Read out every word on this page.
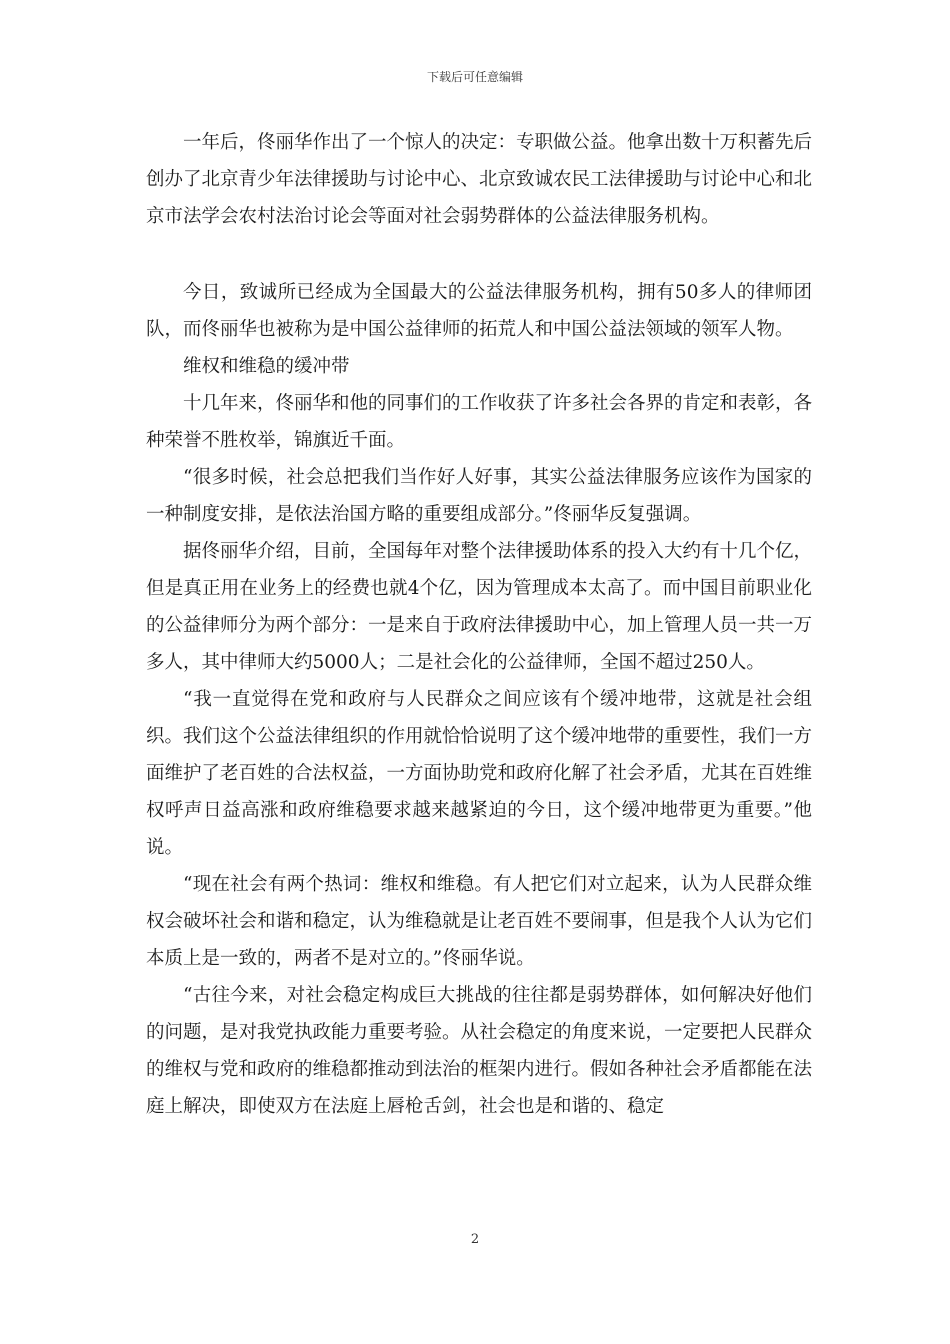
下载后可任意编辑

一年后，佟丽华作出了一个惊人的决定：专职做公益。他拿出数十万积蓄先后创办了北京青少年法律援助与讨论中心、北京致诚农民工法律援助与讨论中心和北京市法学会农村法治讨论会等面对社会弱势群体的公益法律服务机构。

今日，致诚所已经成为全国最大的公益法律服务机构，拥有50多人的律师团队，而佟丽华也被称为是中国公益律师的拓荒人和中国公益法领域的领军人物。

维权和维稳的缓冲带

十几年来，佟丽华和他的同事们的工作收获了许多社会各界的肯定和表彰，各种荣誉不胜枚举，锦旗近千面。

“很多时候，社会总把我们当作好人好事，其实公益法律服务应该作为国家的一种制度安排，是依法治国方略的重要组成部分。”佟丽华反复强调。

据佟丽华介绍，目前，全国每年对整个法律援助体系的投入大约有十几个亿，但是真正用在业务上的经费也就4个亿，因为管理成本太高了。而中国目前职业化的公益律师分为两个部分：一是来自于政府法律援助中心，加上管理人员一共一万多人，其中律师大约5000人；二是社会化的公益律师，全国不超过250人。

“我一直觉得在党和政府与人民群众之间应该有个缓冲地带，这就是社会组织。我们这个公益法律组织的作用就恰恰说明了这个缓冲地带的重要性，我们一方面维护了老百姓的合法权益，一方面协助党和政府化解了社会矛盾，尤其在百姓维权呼声日益高涨和政府维稳要求越来越紧迫的今日，这个缓冲地带更为重要。”他说。

“现在社会有两个热词：维权和维稳。有人把它们对立起来，认为人民群众维权会破坏社会和谐和稳定，认为维稳就是让老百姓不要闹事，但是我个人认为它们本质上是一致的，两者不是对立的。”佟丽华说。

“古往今来，对社会稳定构成巨大挑战的往往都是弱势群体，如何解决好他们的问题，是对我党执政能力重要考验。从社会稳定的角度来说，一定要把人民群众的维权与党和政府的维稳都推动到法治的框架内进行。假如各种社会矛盾都能在法庭上解决，即使双方在法庭上唇枪舌剑，社会也是和谐的、稳定

2
